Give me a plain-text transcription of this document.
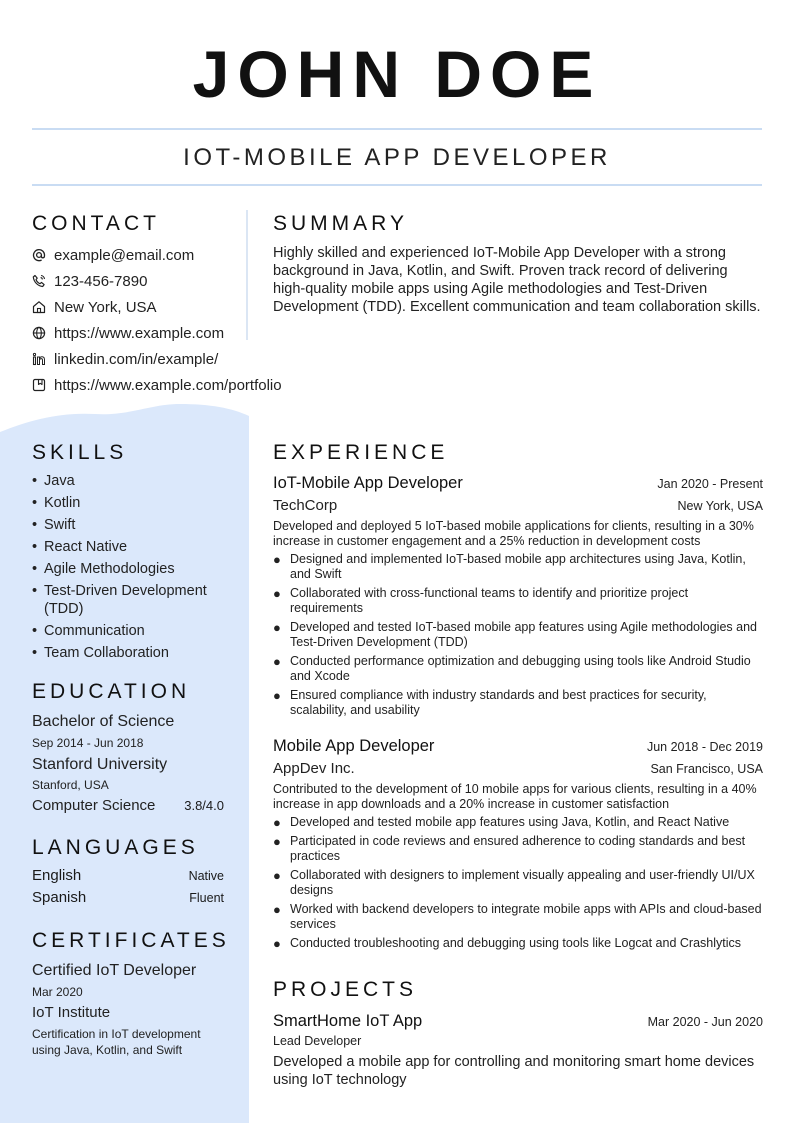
JOHN DOE
IOT-MOBILE APP DEVELOPER
CONTACT
example@email.com
123-456-7890
New York, USA
https://www.example.com
linkedin.com/in/example/
https://www.example.com/portfolio
SUMMARY

Highly skilled and experienced IoT-Mobile App Developer with a strong background in Java, Kotlin, and Swift. Proven track record of delivering high-quality mobile apps using Agile methodologies and Test-Driven Development (TDD). Excellent communication and team collaboration skills.

SKILLS
• Java
• Kotlin
• Swift
• React Native
• Agile Methodologies
• Test-Driven Development (TDD)
• Communication
• Team Collaboration
EDUCATION
Bachelor of Science
Sep 2014 - Jun 2018
Stanford University
Stanford, USA
Computer Science 3.8/4.0
LANGUAGES
English	Native
Spanish	Fluent
CERTIFICATES
Certified IoT Developer
Mar 2020
IoT Institute
Certification in IoT development using Java, Kotlin, and Swift
EXPERIENCE
IoT-Mobile App Developer	Jan 2020 - Present
TechCorp	New York, USA
Developed and deployed 5 IoT-based mobile applications for clients, resulting in a 30% increase in customer engagement and a 25% reduction in development costs
● Designed and implemented IoT-based mobile app architectures using Java, Kotlin, and Swift
● Collaborated with cross-functional teams to identify and prioritize project requirements
● Developed and tested IoT-based mobile app features using Agile methodologies and Test-Driven Development (TDD)
● Conducted performance optimization and debugging using tools like Android Studio and Xcode
● Ensured compliance with industry standards and best practices for security, scalability, and usability
Mobile App Developer	Jun 2018 - Dec 2019
AppDev Inc.	San Francisco, USA
Contributed to the development of 10 mobile apps for various clients, resulting in a 40% increase in app downloads and a 20% increase in customer satisfaction
● Developed and tested mobile app features using Java, Kotlin, and React Native
● Participated in code reviews and ensured adherence to coding standards and best practices
● Collaborated with designers to implement visually appealing and user-friendly UI/UX designs
● Worked with backend developers to integrate mobile apps with APIs and cloud-based services
● Conducted troubleshooting and debugging using tools like Logcat and Crashlytics
PROJECTS
SmartHome IoT App	Mar 2020 - Jun 2020
Lead Developer
Developed a mobile app for controlling and monitoring smart home devices using IoT technology
